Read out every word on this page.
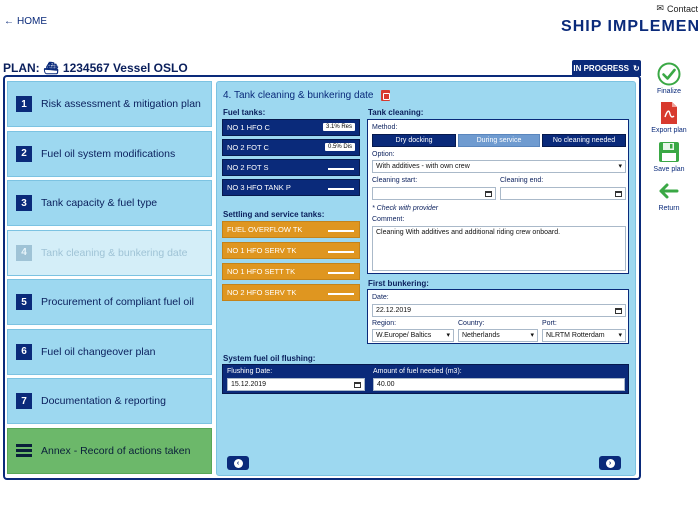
← HOME
✉ Contact
SHIP IMPLEMEN
PLAN: ⛴ 1234567 Vessel OSLO	IN PROGRESS ↻
1	Risk assessment & mitigation plan
2	Fuel oil system modifications
3	Tank capacity & fuel type
4	Tank cleaning & bunkering date
5	Procurement of compliant fuel oil
6	Fuel oil changeover plan
7	Documentation & reporting
Annex - Record of actions taken
4. Tank cleaning & bunkering date
Fuel tanks:
NO 1 HFO C	3.1% Res
NO 2 FOT C	0.5% Dis
NO 2 FOT S
NO 3 HFO TANK P
Settling and service tanks:
FUEL OVERFLOW TK
NO 1 HFO SERV TK
NO 1 HFO SETT TK
NO 2 HFO SERV TK
Tank cleaning:
Method:
Dry docking	During service	No cleaning needed
Option:
With additives - with own crew	▾
Cleaning start:	Cleaning end:
* Check with provider
Comment:
Cleaning With additives and additional riding crew onboard.
First bunkering:
Date:
22.12.2019
Region:
W.Europe/ Baltics ▾
Country:
Netherlands	▾
Port:
NLRTM Rotterdam ▾
System fuel oil flushing:
Flushing Date:
15.12.2019
Amount of fuel needed (m3):
40.00
‹	›
Finalize
Export plan
Save plan
Return
